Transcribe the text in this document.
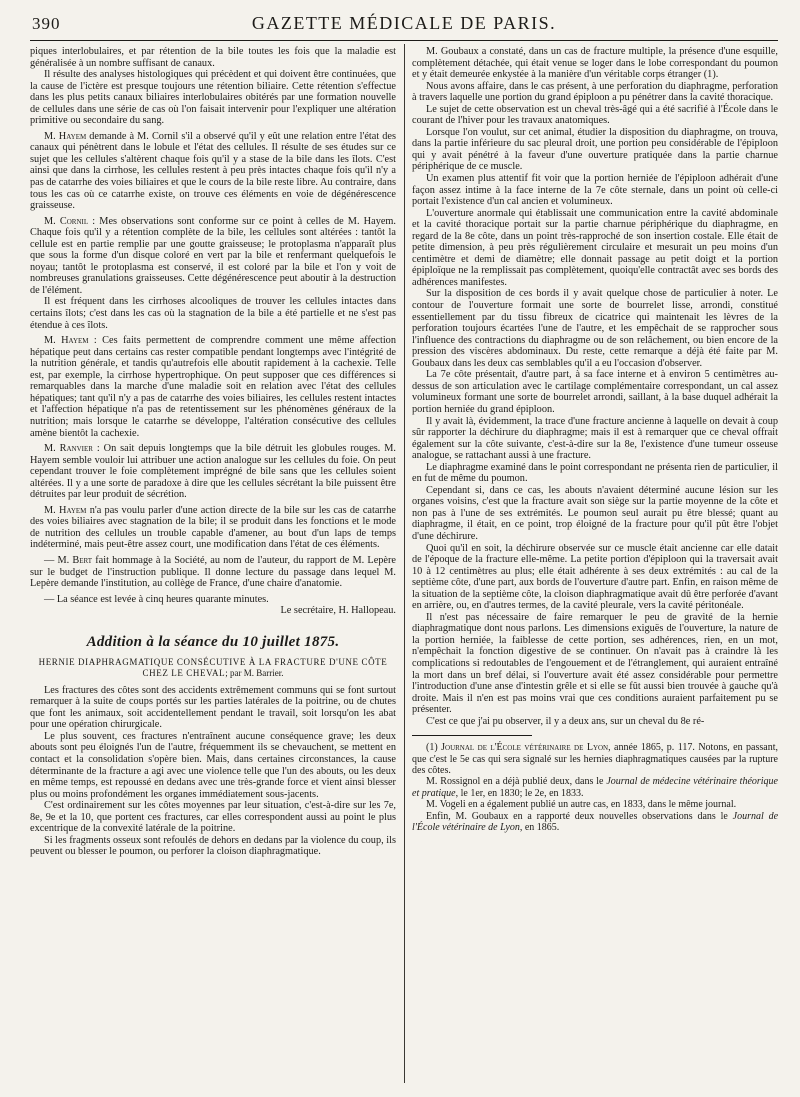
390	GAZETTE MÉDICALE DE PARIS.

piques interlobulaires, et par rétention de la bile toutes les fois que la maladie est généralisée à un nombre suffisant de canaux.

Il résulte des analyses histologiques qui précèdent et qui doivent être continuées, que la cause de l'ictère est presque toujours une rétention biliaire. Cette rétention s'effectue dans les plus petits canaux biliaires interlobulaires obitérés par une formation nouvelle de cellules dans une série de cas où l'on faisait intervenir pour l'expliquer une altération primitive ou secondaire du sang.

M. Hayem demande à M. Cornil s'il a observé qu'il y eût une relation entre l'état des canaux qui pénètrent dans le lobule et l'état des cellules. Il résulte de ses études sur ce sujet que les cellules s'altèrent chaque fois qu'il y a stase de la bile dans les îlots. C'est ainsi que dans la cirrhose, les cellules restent à peu près intactes chaque fois qu'il n'y a pas de catarrhe des voies biliaires et que le cours de la bile reste libre. Au contraire, dans tous les cas où ce catarrhe existe, on trouve ces éléments en voie de dégénérescence graisseuse.

M. Cornil : Mes observations sont conforme sur ce point à celles de M. Hayem. Chaque fois qu'il y a rétention complète de la bile, les cellules sont altérées : tantôt la cellule est en partie remplie par une goutte graisseuse; le protoplasma n'apparaît plus que sous la forme d'un disque coloré en vert par la bile et renfermant quelquefois le noyau; tantôt le protoplasma est conservé, il est coloré par la bile et l'on y voit de nombreuses granulations graisseuses. Cette dégénérescence peut aboutir à la destruction de l'élément.

Il est fréquent dans les cirrhoses alcooliques de trouver les cellules intactes dans certains îlots; c'est dans les cas où la stagnation de la bile a été partielle et ne s'est pas étendue à ces îlots.

M. Hayem : Ces faits permettent de comprendre comment une même affection hépatique peut dans certains cas rester compatible pendant longtemps avec l'intégrité de la nutrition générale, et tandis qu'autrefois elle aboutit rapidement à la cachexie. Telle est, par exemple, la cirrhose hypertrophique. On peut supposer que ces différences si remarquables dans la marche d'une maladie soit en relation avec l'état des cellules hépatiques; tant qu'il n'y a pas de catarrhe des voies biliaires, les cellules restent intactes et l'affection hépatique n'a pas de retentissement sur les phénomènes généraux de la nutrition; mais lorsque le catarrhe se développe, l'altération consécutive des cellules amène bientôt la cachexie.

M. Ranvier : On sait depuis longtemps que la bile détruit les globules rouges. M. Hayem semble vouloir lui attribuer une action analogue sur les cellules du foie. On peut cependant trouver le foie complètement imprégné de bile sans que les cellules soient altérées. Il y a une sorte de paradoxe à dire que les cellules sécrétant la bile puissent être détruites par leur produit de sécrétion.

M. Hayem n'a pas voulu parler d'une action directe de la bile sur les cas de catarrhe des voies biliaires avec stagnation de la bile; il se produit dans les fonctions et le mode de nutrition des cellules un trouble capable d'amener, au bout d'un laps de temps indéterminé, mais peut-être assez court, une modification dans l'état de ces éléments.

— M. Bert fait hommage à la Société, au nom de l'auteur, du rapport de M. Lepère sur le budget de l'instruction publique. Il donne lecture du passage dans lequel M. Lepère demande l'institution, au collège de France, d'une chaire d'anatomie.

— La séance est levée à cinq heures quarante minutes.

Le secrétaire, H. Hallopeau.

Addition à la séance du 10 juillet 1875.
HERNIE DIAPHRAGMATIQUE CONSÉCUTIVE À LA FRACTURE D'UNE CÔTE CHEZ LE CHEVAL; par M. Barrier.

Les fractures des côtes sont des accidents extrêmement communs qui se font surtout remarquer à la suite de coups portés sur les parties latérales de la poitrine, ou de chutes que font les animaux, soit accidentellement pendant le travail, soit lorsqu'on les abat pour une opération chirurgicale.

Le plus souvent, ces fractures n'entraînent aucune conséquence grave; les deux abouts sont peu éloignés l'un de l'autre, fréquemment ils se chevauchent, se mettent en contact et la consolidation s'opère bien. Mais, dans certaines circonstances, la cause déterminante de la fracture a agi avec une violence telle que l'un des abouts, ou les deux en même temps, est repoussé en dedans avec une très-grande force et vient ainsi blesser plus ou moins profondément les organes immédiatement sous-jacents.

C'est ordinairement sur les côtes moyennes par leur situation, c'est-à-dire sur les 7e, 8e, 9e et la 10, que portent ces fractures, car elles correspondent aussi au point le plus excentrique de la convexité latérale de la poitrine.

Si les fragments osseux sont refoulés de dehors en dedans par la violence du coup, ils peuvent ou blesser le poumon, ou perforer la cloison diaphragmatique.

M. Goubaux a constaté, dans un cas de fracture multiple, la présence d'une esquille, complètement détachée, qui était venue se loger dans le lobe correspondant du poumon et y était demeurée enkystée à la manière d'un véritable corps étranger (1).

Nous avons affaire, dans le cas présent, à une perforation du diaphragme, perforation à travers laquelle une portion du grand épiploon a pu pénétrer dans la cavité thoracique.

Le sujet de cette observation est un cheval très-âgé qui a été sacrifié à l'École dans le courant de l'hiver pour les travaux anatomiques.

Lorsque l'on voulut, sur cet animal, étudier la disposition du diaphragme, on trouva, dans la partie inférieure du sac pleural droit, une portion peu considérable de l'épiploon qui y avait pénétré à la faveur d'une ouverture pratiquée dans la partie charnue périphérique de ce muscle.

Un examen plus attentif fit voir que la portion herniée de l'épiploon adhérait d'une façon assez intime à la face interne de la 7e côte sternale, dans un point où celle-ci portait l'existence d'un cal ancien et volumineux.

L'ouverture anormale qui établissait une communication entre la cavité abdominale et la cavité thoracique portait sur la partie charnue périphérique du diaphragme, en regard de la 8e côte, dans un point très-rapproché de son insertion costale. Elle était de petite dimension, à peu près régulièrement circulaire et mesurait un peu moins d'un centimètre et demi de diamètre; elle donnait passage au petit doigt et la portion épiploïque ne la remplissait pas complètement, quoiqu'elle contractât avec ses bords des adhérences manifestes.

Sur la disposition de ces bords il y avait quelque chose de particulier à noter. Le contour de l'ouverture formait une sorte de bourrelet lisse, arrondi, constitué essentiellement par du tissu fibreux de cicatrice qui maintenait les lèvres de la perforation toujours écartées l'une de l'autre, et les empêchait de se rapprocher sous l'influence des contractions du diaphragme ou de son relâchement, ou bien encore de la pression des viscères abdominaux. Du reste, cette remarque a déjà été faite par M. Goubaux dans les deux cas semblables qu'il a eu l'occasion d'observer.

La 7e côte présentait, d'autre part, à sa face interne et à environ 5 centimètres au-dessus de son articulation avec le cartilage complémentaire correspondant, un cal assez volumineux formant une sorte de bourrelet arrondi, saillant, à la base duquel adhérait la portion herniée du grand épiploon.

Il y avait là, évidemment, la trace d'une fracture ancienne à laquelle on devait à coup sûr rapporter la déchirure du diaphragme; mais il est à remarquer que ce cheval offrait également sur la côte suivante, c'est-à-dire sur la 8e, l'existence d'une tumeur osseuse analogue, se rattachant aussi à une fracture.

Le diaphragme examiné dans le point correspondant ne présenta rien de particulier, il en fut de même du poumon.

Cependant si, dans ce cas, les abouts n'avaient déterminé aucune lésion sur les organes voisins, c'est que la fracture avait son siège sur la partie moyenne de la côte et non pas à l'une de ses extrémités. Le poumon seul aurait pu être blessé; quant au diaphragme, il était, en ce point, trop éloigné de la fracture pour qu'il pût être l'objet d'une déchirure.

Quoi qu'il en soit, la déchirure observée sur ce muscle était ancienne car elle datait de l'époque de la fracture elle-même. La petite portion d'épiploon qui la traversait avait 10 à 12 centimètres au plus; elle était adhérente à ses deux extrémités : au cal de la septième côte, d'une part, aux bords de l'ouverture d'autre part. Enfin, en raison même de la situation de la septième côte, la cloison diaphragmatique avait dû être perforée d'avant en arrière, ou, en d'autres termes, de la cavité pleurale, vers la cavité péritonéale.

Il n'est pas nécessaire de faire remarquer le peu de gravité de la hernie diaphragmatique dont nous parlons. Les dimensions exiguës de l'ouverture, la nature de la portion herniée, la faiblesse de cette portion, ses adhérences, rien, en un mot, n'empêchait la fonction digestive de se continuer. On n'avait pas à craindre là les complications si redoutables de l'engouement et de l'étranglement, qui auraient entraîné la mort dans un bref délai, si l'ouverture avait été assez considérable pour permettre l'introduction d'une anse d'intestin grêle et si elle se fût aussi bien trouvée à gauche qu'à droite. Mais il n'en est pas moins vrai que ces conditions auraient parfaitement pu se présenter.

C'est ce que j'ai pu observer, il y a deux ans, sur un cheval du 8e ré-

(1) Journal de l'École vétérinaire de Lyon, année 1865, p. 117. Notons, en passant, que c'est le 5e cas qui sera signalé sur les hernies diaphragmatiques causées par la rupture des côtes.

M. Rossignol en a déjà publié deux, dans le Journal de médecine vétérinaire théorique et pratique, le 1er, en 1830; le 2e, en 1833.

M. Vogeli en a également publié un autre cas, en 1833, dans le même journal.

Enfin, M. Goubaux en a rapporté deux nouvelles observations dans le Journal de l'École vétérinaire de Lyon, en 1865.
